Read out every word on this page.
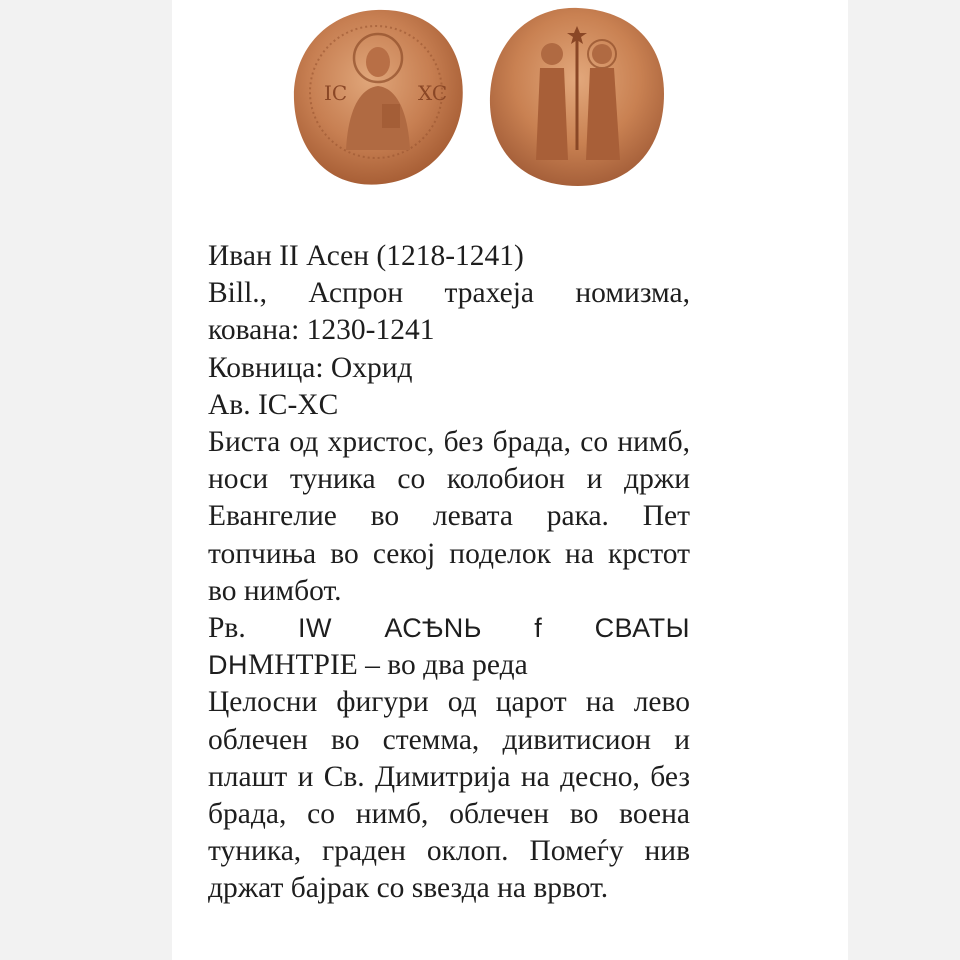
IC	XC

Иван II Асен (1218-1241)

Bill., Аспрон трахеја номизма,

кована: 1230-1241

Ковница: Охрид

Ав. IC-XC

Биста од христос, без брада, со нимб, носи туника со колобион и држи Евангелие во левата рака. Пет топчиња во секој поделок на крстот во нимбот.

Рв. ІW АСѢNЬ f СВАТЫ

DHМНТРІЕ – во два реда

Целосни фигури од царот на лево облечен во стемма, дивитисион и плашт и Св. Димитрија на десно, без брада, со нимб, облечен во воена туника, граден оклоп. Помеѓу нив држат бајрак со ѕвезда на врвот.
